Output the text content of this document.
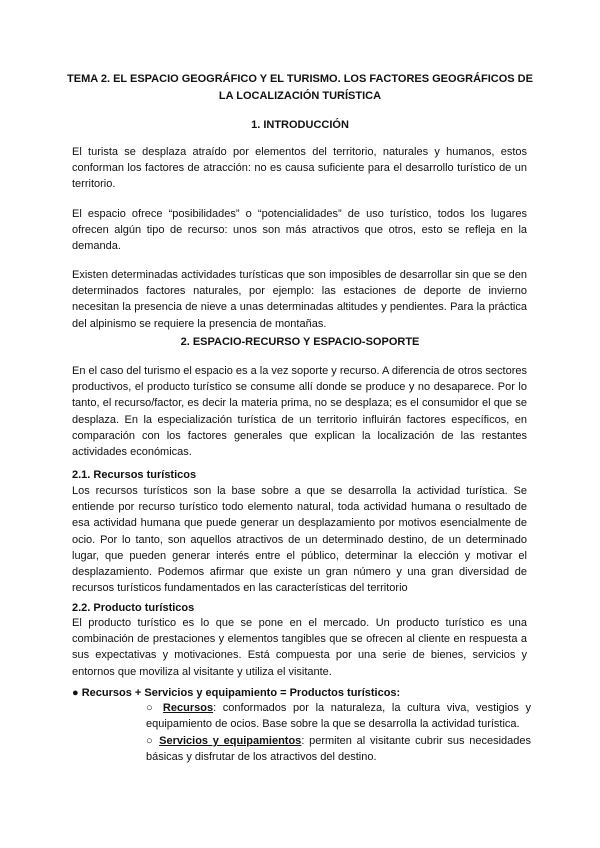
TEMA 2. EL ESPACIO GEOGRÁFICO Y EL TURISMO. LOS FACTORES GEOGRÁFICOS DE LA LOCALIZACIÓN TURÍSTICA
1. INTRODUCCIÓN
El turista se desplaza atraído por elementos del territorio, naturales y humanos, estos conforman los factores de atracción: no es causa suficiente para el desarrollo turístico de un territorio.
El espacio ofrece “posibilidades” o “potencialidades” de uso turístico, todos los lugares ofrecen algún tipo de recurso: unos son más atractivos que otros, esto se refleja en la demanda.
Existen determinadas actividades turísticas que son imposibles de desarrollar sin que se den determinados factores naturales, por ejemplo: las estaciones de deporte de invierno necesitan la presencia de nieve a unas determinadas altitudes y pendientes. Para la práctica del alpinismo se requiere la presencia de montañas.
2. ESPACIO-RECURSO Y ESPACIO-SOPORTE
En el caso del turismo el espacio es a la vez soporte y recurso. A diferencia de otros sectores productivos, el producto turístico se consume allí donde se produce y no desaparece. Por lo tanto, el recurso/factor, es decir la materia prima, no se desplaza; es el consumidor el que se desplaza. En la especialización turística de un territorio influirán factores específicos, en comparación con los factores generales que explican la localización de las restantes actividades económicas.
2.1. Recursos turísticos
Los recursos turísticos son la base sobre a que se desarrolla la actividad turística. Se entiende por recurso turístico todo elemento natural, toda actividad humana o resultado de esa actividad humana que puede generar un desplazamiento por motivos esencialmente de ocio. Por lo tanto, son aquellos atractivos de un determinado destino, de un determinado lugar, que pueden generar interés entre el público, determinar la elección y motivar el desplazamiento. Podemos afirmar que existe un gran número y una gran diversidad de recursos turísticos fundamentados en las características del territorio
2.2. Producto turísticos
El producto turístico es lo que se pone en el mercado. Un producto turístico es una combinación de prestaciones y elementos tangibles que se ofrecen al cliente en respuesta a sus expectativas y motivaciones. Está compuesta por una serie de bienes, servicios y entornos que moviliza al visitante y utiliza el visitante.
● Recursos + Servicios y equipamiento = Productos turísticos:
○ Recursos: conformados por la naturaleza, la cultura viva, vestigios y equipamiento de ocios. Base sobre la que se desarrolla la actividad turística.
○ Servicios y equipamientos: permiten al visitante cubrir sus necesidades básicas y disfrutar de los atractivos del destino.
